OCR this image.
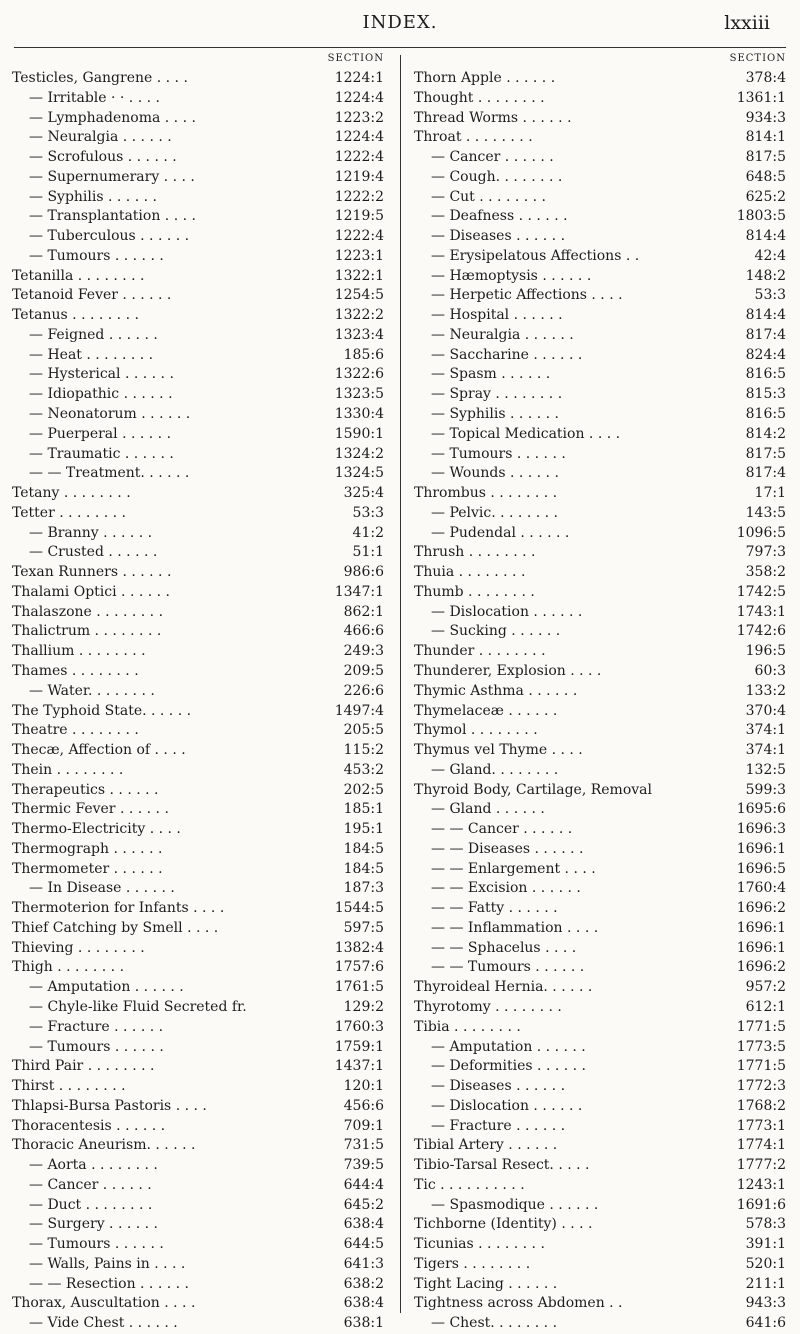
INDEX.	lxxiii
SECTION
Testicles, Gangrene . . . .	1224:1
— Irritable · · . . . .	1224:4
— Lymphadenoma . . . .	1223:2
— Neuralgia . . . . . .	1224:4
— Scrofulous . . . . . .	1222:4
— Supernumerary . . . .	1219:4
— Syphilis . . . . . .	1222:2
— Transplantation . . . .	1219:5
— Tuberculous . . . . . .	1222:4
— Tumours . . . . . .	1223:1
Tetanilla . . . . . . . .	1322:1
Tetanoid Fever . . . . . .	1254:5
Tetanus . . . . . . . .	1322:2
— Feigned . . . . . .	1323:4
— Heat . . . . . . . .	185:6
— Hysterical . . . . . .	1322:6
— Idiopathic . . . . . .	1323:5
— Neonatorum . . . . . .	1330:4
— Puerperal . . . . . .	1590:1
— Traumatic . . . . . .	1324:2
— — Treatment. . . . . .	1324:5
Tetany . . . . . . . .	325:4
Tetter . . . . . . . .	53:3
— Branny . . . . . .	41:2
— Crusted . . . . . .	51:1
Texan Runners . . . . . .	986:6
Thalami Optici . . . . . .	1347:1
Thalaszone . . . . . . . .	862:1
Thalictrum . . . . . . . .	466:6
Thallium . . . . . . . .	249:3
Thames . . . . . . . .	209:5
— Water. . . . . . . .	226:6
The Typhoid State. . . . . .	1497:4
Theatre . . . . . . . .	205:5
Thecæ, Affection of . . . .	115:2
Thein . . . . . . . .	453:2
Therapeutics . . . . . .	202:5
Thermic Fever . . . . . .	185:1
Thermo-Electricity . . . .	195:1
Thermograph . . . . . .	184:5
Thermometer . . . . . .	184:5
— In Disease . . . . . .	187:3
Thermoterion for Infants . . . .	1544:5
Thief Catching by Smell . . . .	597:5
Thieving . . . . . . . .	1382:4
Thigh . . . . . . . .	1757:6
— Amputation . . . . . .	1761:5
— Chyle-like Fluid Secreted fr.	129:2
— Fracture . . . . . .	1760:3
— Tumours . . . . . .	1759:1
Third Pair . . . . . . . .	1437:1
Thirst . . . . . . . .	120:1
Thlapsi-Bursa Pastoris . . . .	456:6
Thoracentesis . . . . . .	709:1
Thoracic Aneurism. . . . . .	731:5
— Aorta . . . . . . . .	739:5
— Cancer . . . . . .	644:4
— Duct . . . . . . . .	645:2
— Surgery . . . . . .	638:4
— Tumours . . . . . .	644:5
— Walls, Pains in . . . .	641:3
— — Resection . . . . . .	638:2
Thorax, Auscultation . . . .	638:4
— Vide Chest . . . . . .	638:1
SECTION
Thorn Apple . . . . . .	378:4
Thought . . . . . . . .	1361:1
Thread Worms . . . . . .	934:3
Throat . . . . . . . .	814:1
— Cancer . . . . . .	817:5
— Cough. . . . . . . .	648:5
— Cut . . . . . . . .	625:2
— Deafness . . . . . .	1803:5
— Diseases . . . . . .	814:4
— Erysipelatous Affections . .	42:4
— Hæmoptysis . . . . . .	148:2
— Herpetic Affections . . . .	53:3
— Hospital . . . . . .	814:4
— Neuralgia . . . . . .	817:4
— Saccharine . . . . . .	824:4
— Spasm . . . . . .	816:5
— Spray . . . . . . . .	815:3
— Syphilis . . . . . .	816:5
— Topical Medication . . . .	814:2
— Tumours . . . . . .	817:5
— Wounds . . . . . .	817:4
Thrombus . . . . . . . .	17:1
— Pelvic. . . . . . . .	143:5
— Pudendal . . . . . .	1096:5
Thrush . . . . . . . .	797:3
Thuia . . . . . . . .	358:2
Thumb . . . . . . . .	1742:5
— Dislocation . . . . . .	1743:1
— Sucking . . . . . .	1742:6
Thunder . . . . . . . .	196:5
Thunderer, Explosion . . . .	60:3
Thymic Asthma . . . . . .	133:2
Thymelaceæ . . . . . .	370:4
Thymol . . . . . . . .	374:1
Thymus vel Thyme . . . .	374:1
— Gland. . . . . . . .	132:5
Thyroid Body, Cartilage, Removal	599:3
— Gland . . . . . .	1695:6
— — Cancer . . . . . .	1696:3
— — Diseases . . . . . .	1696:1
— — Enlargement . . . .	1696:5
— — Excision . . . . . .	1760:4
— — Fatty . . . . . .	1696:2
— — Inflammation . . . .	1696:1
— — Sphacelus . . . .	1696:1
— — Tumours . . . . . .	1696:2
Thyroideal Hernia. . . . . .	957:2
Thyrotomy . . . . . . . .	612:1
Tibia . . . . . . . .	1771:5
— Amputation . . . . . .	1773:5
— Deformities . . . . . .	1771:5
— Diseases . . . . . .	1772:3
— Dislocation . . . . . .	1768:2
— Fracture . . . . . .	1773:1
Tibial Artery . . . . . .	1774:1
Tibio-Tarsal Resect. . . . .	1777:2
Tic . . . . . . . . . .	1243:1
— Spasmodique . . . . . .	1691:6
Tichborne (Identity) . . . .	578:3
Ticunias . . . . . . . .	391:1
Tigers . . . . . . . .	520:1
Tight Lacing . . . . . .	211:1
Tightness across Abdomen . .	943:3
— Chest. . . . . . . .	641:6
